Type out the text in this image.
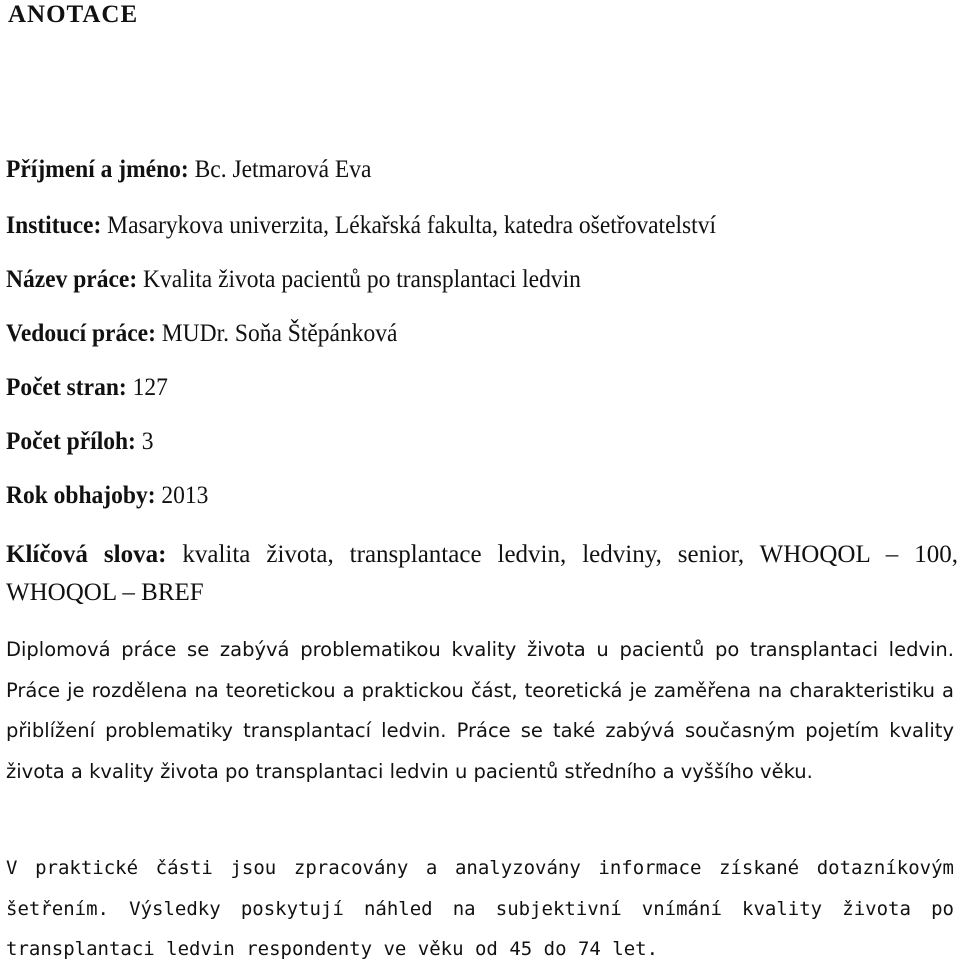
ANOTACE
Příjmení a jméno: Bc. Jetmarová Eva
Instituce: Masarykova univerzita, Lékařská fakulta, katedra ošetřovatelství
Název práce: Kvalita života pacientů po transplantaci ledvin
Vedoucí práce: MUDr. Soňa Štěpánková
Počet stran: 127
Počet příloh: 3
Rok obhajoby: 2013
Klíčová slova: kvalita života, transplantace ledvin, ledviny, senior, WHOQOL – 100,
WHOQOL – BREF

Diplomová práce se zabývá problematikou kvality života u pacientů po transplantaci ledvin. Práce je rozdělena na teoretickou a praktickou část, teoretická je zaměřena na charakteristiku a přiblížení problematiky transplantací ledvin. Práce se také zabývá současným pojetím kvality života a kvality života po transplantaci ledvin u pacientů středního a vyššího věku.

V praktické části jsou zpracovány a analyzovány informace získané dotazníkovým šetřením. Výsledky poskytují náhled na subjektivní vnímání kvality života po transplantaci ledvin respondenty ve věku od 45 do 74 let.
